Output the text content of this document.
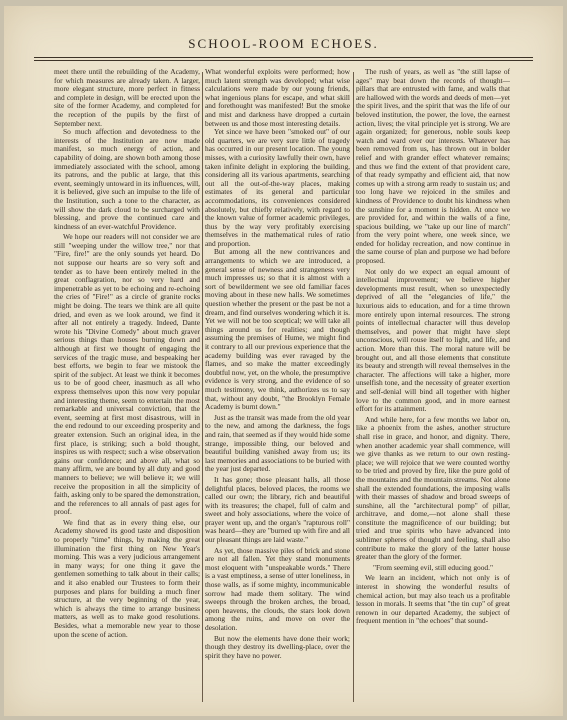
SCHOOL-ROOM ECHOES.

meet there until the rebuilding of the Academy, for which measures are already taken. A larger, more elegant structure, more perfect in fitness and complete in design, will be erected upon the site of the former Academy, and completed for the reception of the pupils by the first of September next.

So much affection and devotedness to the interests of the Institution are now made manifest, so much energy of action, and capability of doing, are shown both among those immediately associated with the school, among its patrons, and the public at large, that this event, seemingly untoward in its influences, will, it is believed, give such an impulse to the life of the Institution, such a tone to the character, as will show the dark cloud to be surcharged with blessing, and prove the continued care and kindness of an ever-watchful Providence.

We hope our readers will not consider we are still "weeping under the willow tree," nor that "Fire, fire!" are the only sounds yet heard. Do not suppose our hearts are so very soft and tender as to have been entirely melted in the great conflagration, nor so very hard and impenetrable as yet to be echoing and re-echoing the cries of "Fire!" as a circle of granite rocks might be doing. The tears we think are all quite dried, and even as we look around, we find it after all not entirely a tragedy. Indeed, Dante wrote his "Divine Comedy" about much graver serious things than houses burning down and although at first we thought of engaging the services of the tragic muse, and bespeaking her best efforts, we begin to fear we mistook the spirit of the subject. At least we think it becomes us to be of good cheer, inasmuch as all who express themselves upon this now very popular and interesting theme, seem to entertain the most remarkable and universal conviction, that the event, seeming at first most disastrous, will in the end redound to our exceeding prosperity and greater extension. Such an original idea, in the first place, is striking; such a bold thought, inspires us with respect; such a wise observation gains our confidence; and above all, what so many affirm, we are bound by all duty and good manners to believe; we will believe it; we will receive the proposition in all the simplicity of faith, asking only to be spared the demonstration, and the references to all annals of past ages for proof.

We find that as in every thing else, our Academy showed its good taste and disposition to properly "time" things, by making the great illumination the first thing on New Year's morning. This was a very judicious arrangement in many ways; for one thing it gave the gentlemen something to talk about in their calls; and it also enabled our Trustees to form their purposes and plans for building a much finer structure, at the very beginning of the year, which is always the time to arrange business matters, as well as to make good resolutions. Besides, what a memorable new year to those upon the scene of action.

What wonderful exploits were performed; how much latent strength was developed; what wise calculations were made by our young friends, what ingenious plans for escape, and what skill and forethought was manifested! But the smoke and mist and darkness have dropped a curtain between us and those most interesting details.

Yet since we have been "smoked out" of our old quarters, we are very sure little of tragedy has occurred in our present location. The young misses, with a curiosity lawfully their own, have taken infinite delight in exploring the building, considering all its various apartments, searching out all the out-of-the-way places, making estimates of its general and particular accommodations, its conveniences considered absolutely, but chiefly relatively, with regard to the known value of former academic privileges, thus by the way very profitably exercising themselves in the mathematical rules of ratio and proportion.

But among all the new contrivances and arrangements to which we are introduced, a general sense of newness and strangeness very much impresses us; so that it is almost with a sort of bewilderment we see old familiar faces moving about in these new halls. We sometimes question whether the present or the past be not a dream, and find ourselves wondering which it is. Yet we will not be too sceptical; we will take all things around us for realities; and though assuming the premises of Hume, we might find it contrary to all our previous experience that the academy building was ever ravaged by the flames, and so make the matter exceedingly doubtful now, yet, on the whole, the presumptive evidence is very strong, and the evidence of so much testimony, we think, authorizes us to say that, without any doubt, "the Brooklyn Female Academy is burnt down."

Just as the transit was made from the old year to the new, and among the darkness, the fogs and rain, that seemed as if they would hide some strange, impossible thing, our beloved and beautiful building vanished away from us; its last memories and associations to be buried with the year just departed.

It has gone; those pleasant halls, all those delightful places, beloved places, the rooms we called our own; the library, rich and beautiful with its treasures; the chapel, full of calm and sweet and holy associations, where the voice of prayer went up, and the organ's "rapturous roll" was heard—they are "burned up with fire and all our pleasant things are laid waste."

As yet, those massive piles of brick and stone are not all fallen. Yet they stand monuments most eloquent with "unspeakable words." There is a vast emptiness, a sense of utter loneliness, in those walls, as if some mighty, incommunicable sorrow had made them solitary. The wind sweeps through the broken arches, the broad, open heavens, the clouds, the stars look down among the ruins, and move on over the desolation.

But now the elements have done their work; though they destroy its dwelling-place, over the spirit they have no power.

The rush of years, as well as "the still lapse of ages" may beat down the records of thought—pillars that are entrusted with fame, and walls that are hallowed with the words and deeds of men—yet the spirit lives, and the spirit that was the life of our beloved institution, the power, the love, the earnest action, lives; the vital principle yet is strong. We are again organized; for generous, noble souls keep watch and ward over our interests. Whatever has been removed from us, has thrown out in bolder relief and with grander effect whatever remains; and thus we find the extent of that provident care, of that ready sympathy and efficient aid, that now comes up with a strong arm ready to sustain us; and too long have we rejoiced in the smiles and kindness of Providence to doubt his kindness when the sunshine for a moment is hidden. At once we are provided for, and within the walls of a fine, spacious building, we "take up our line of march" from the very point where, one week since, we ended for holiday recreation, and now continue in the same course of plan and purpose we had before proposed.

Not only do we expect an equal amount of intellectual improvement; we believe higher developments must result, when so unexpectedly deprived of all the "elegancies of life," the luxurious aids to education, and for a time thrown more entirely upon internal resources. The strong points of intellectual character will thus develop themselves, and power that might have slept unconscious, will rouse itself to light, and life, and action. More than this. The moral nature will be brought out, and all those elements that constitute its beauty and strength will reveal themselves in the character. The affections will take a higher, more unselfish tone, and the necessity of greater exertion and self-denial will bind all together with higher love to the common good, and in more earnest effort for its attainment.

And while here, for a few months we labor on, like a phoenix from the ashes, another structure shall rise in grace, and honor, and dignity. There, when another academic year shall commence, will we give thanks as we return to our own resting-place; we will rejoice that we were counted worthy to be tried and proved by fire, like the pure gold of the mountains and the mountain streams. Not alone shall the extended foundations, the imposing walls with their masses of shadow and broad sweeps of sunshine, all the "architectural pomp" of pillar, architrave, and dome,—not alone shall these constitute the magnificence of our building; but tried and true spirits who have advanced into sublimer spheres of thought and feeling, shall also contribute to make the glory of the latter house greater than the glory of the former.

"From seeming evil, still educing good."

We learn an incident, which not only is of interest in showing the wonderful results of chemical action, but may also teach us a profitable lesson in morals. It seems that "the tin cup" of great renown in our departed Academy, the subject of frequent mention in "the echoes" that sound-
